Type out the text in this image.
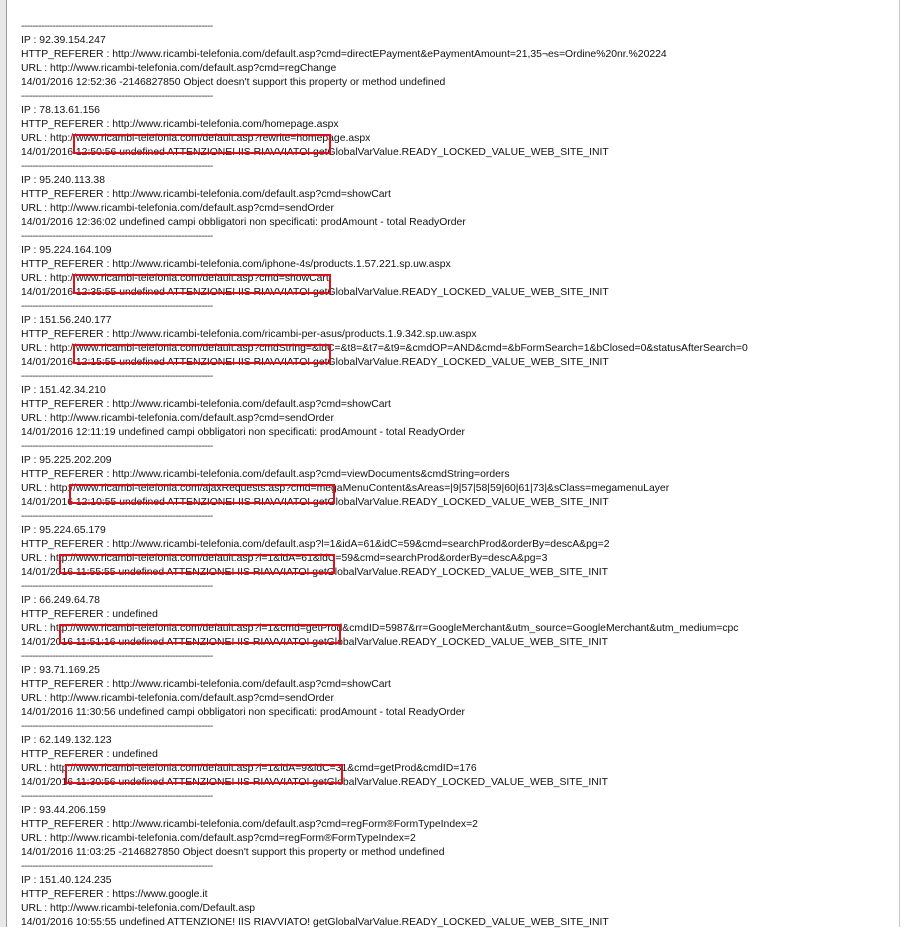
-------------------------------------------------------------------
IP : 92.39.154.247
HTTP_REFERER : http://www.ricambi-telefonia.com/default.asp?cmd=directEPayment&ePaymentAmount=21,35¬es=Ordine%20nr.%20224
URL : http://www.ricambi-telefonia.com/default.asp?cmd=regChange
14/01/2016 12:52:36 -2146827850 Object doesn't support this property or method undefined
-------------------------------------------------------------------
IP : 78.13.61.156
HTTP_REFERER : http://www.ricambi-telefonia.com/homepage.aspx
URL : http://www.ricambi-telefonia.com/default.asp?rewrite=homepage.aspx
14/01/2016 12:50:56 undefined ATTENZIONE! IIS RIAVVIATO! getGlobalVarValue.READY_LOCKED_VALUE_WEB_SITE_INIT
-------------------------------------------------------------------
IP : 95.240.113.38
HTTP_REFERER : http://www.ricambi-telefonia.com/default.asp?cmd=showCart
URL : http://www.ricambi-telefonia.com/default.asp?cmd=sendOrder
14/01/2016 12:36:02 undefined campi obbligatori non specificati: prodAmount - total ReadyOrder
-------------------------------------------------------------------
IP : 95.224.164.109
HTTP_REFERER : http://www.ricambi-telefonia.com/iphone-4s/products.1.57.221.sp.uw.aspx
URL : http://www.ricambi-telefonia.com/default.asp?cmd=showCart
14/01/2016 12:35:55 undefined ATTENZIONE! IIS RIAVVIATO! getGlobalVarValue.READY_LOCKED_VALUE_WEB_SITE_INIT
-------------------------------------------------------------------
IP : 151.56.240.177
HTTP_REFERER : http://www.ricambi-telefonia.com/ricambi-per-asus/products.1.9.342.sp.uw.aspx
URL : http://www.ricambi-telefonia.com/default.asp?cmdString=&idC=&t8=&t7=&t9=&cmdOP=AND&cmd=&bFormSearch=1&bClosed=0&statusAfterSearch=0
14/01/2016 12:15:55 undefined ATTENZIONE! IIS RIAVVIATO! getGlobalVarValue.READY_LOCKED_VALUE_WEB_SITE_INIT
-------------------------------------------------------------------
IP : 151.42.34.210
HTTP_REFERER : http://www.ricambi-telefonia.com/default.asp?cmd=showCart
URL : http://www.ricambi-telefonia.com/default.asp?cmd=sendOrder
14/01/2016 12:11:19 undefined campi obbligatori non specificati: prodAmount - total ReadyOrder
-------------------------------------------------------------------
IP : 95.225.202.209
HTTP_REFERER : http://www.ricambi-telefonia.com/default.asp?cmd=viewDocuments&cmdString=orders
URL : http://www.ricambi-telefonia.com/ajaxRequests.asp?cmd=megaMenuContent&sAreas=|9|57|58|59|60|61|73|&sClass=megamenuLayer
14/01/2016 12:10:55 undefined ATTENZIONE! IIS RIAVVIATO! getGlobalVarValue.READY_LOCKED_VALUE_WEB_SITE_INIT
-------------------------------------------------------------------
IP : 95.224.65.179
HTTP_REFERER : http://www.ricambi-telefonia.com/default.asp?l=1&idA=61&idC=59&cmd=searchProd&orderBy=descA&pg=2
URL : http://www.ricambi-telefonia.com/default.asp?l=1&idA=61&idC=59&cmd=searchProd&orderBy=descA&pg=3
14/01/2016 11:55:55 undefined ATTENZIONE! IIS RIAVVIATO! getGlobalVarValue.READY_LOCKED_VALUE_WEB_SITE_INIT
-------------------------------------------------------------------
IP : 66.249.64.78
HTTP_REFERER : undefined
URL : http://www.ricambi-telefonia.com/default.asp?l=1&cmd=getProd&cmdID=5987&rr=GoogleMerchant&utm_source=GoogleMerchant&utm_medium=cpc
14/01/2016 11:51:16 undefined ATTENZIONE! IIS RIAVVIATO! getGlobalVarValue.READY_LOCKED_VALUE_WEB_SITE_INIT
-------------------------------------------------------------------
IP : 93.71.169.25
HTTP_REFERER : http://www.ricambi-telefonia.com/default.asp?cmd=showCart
URL : http://www.ricambi-telefonia.com/default.asp?cmd=sendOrder
14/01/2016 11:30:56 undefined campi obbligatori non specificati: prodAmount - total ReadyOrder
-------------------------------------------------------------------
IP : 62.149.132.123
HTTP_REFERER : undefined
URL : http://www.ricambi-telefonia.com/default.asp?l=1&idA=9&idC=31&cmd=getProd&cmdID=176
14/01/2016 11:30:56 undefined ATTENZIONE! IIS RIAVVIATO! getGlobalVarValue.READY_LOCKED_VALUE_WEB_SITE_INIT
-------------------------------------------------------------------
IP : 93.44.206.159
HTTP_REFERER : http://www.ricambi-telefonia.com/default.asp?cmd=regForm®FormTypeIndex=2
URL : http://www.ricambi-telefonia.com/default.asp?cmd=regForm®FormTypeIndex=2
14/01/2016 11:03:25 -2146827850 Object doesn't support this property or method undefined
-------------------------------------------------------------------
IP : 151.40.124.235
HTTP_REFERER : https://www.google.it
URL : http://www.ricambi-telefonia.com/Default.asp
14/01/2016 10:55:55 undefined ATTENZIONE! IIS RIAVVIATO! getGlobalVarValue.READY_LOCKED_VALUE_WEB_SITE_INIT
